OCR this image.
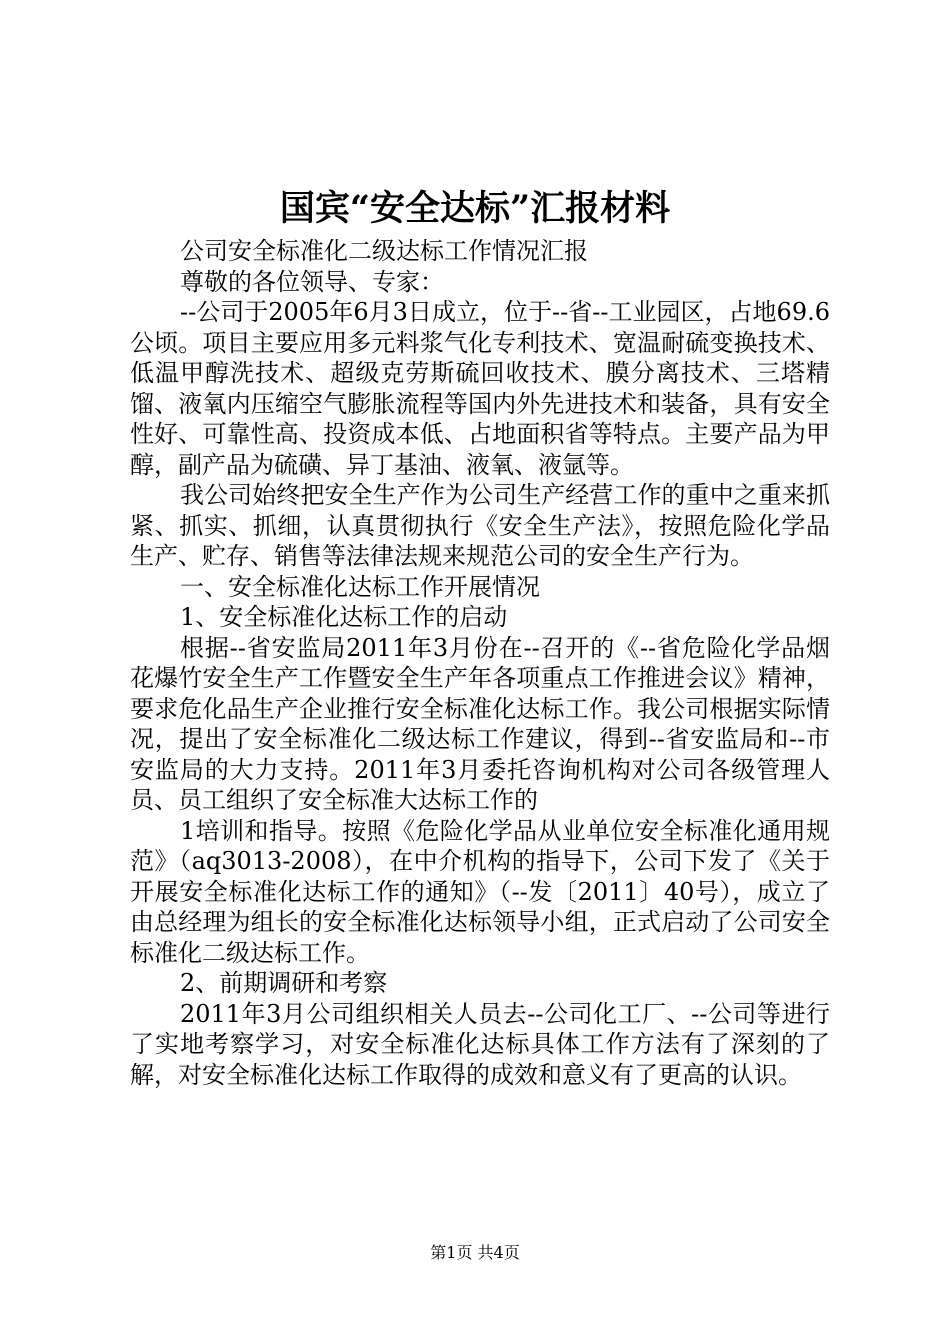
国宾“安全达标”汇报材料

公司安全标准化二级达标工作情况汇报

尊敬的各位领导、专家：

--公司于2005年6月3日成立，位于--省--工业园区，占地69.6公顷。项目主要应用多元料浆气化专利技术、宽温耐硫变换技术、低温甲醇洗技术、超级克劳斯硫回收技术、膜分离技术、三塔精馏、液氧内压缩空气膨胀流程等国内外先进技术和装备，具有安全性好、可靠性高、投资成本低、占地面积省等特点。主要产品为甲醇，副产品为硫磺、异丁基油、液氧、液氩等。

我公司始终把安全生产作为公司生产经营工作的重中之重来抓紧、抓实、抓细，认真贯彻执行《安全生产法》，按照危险化学品生产、贮存、销售等法律法规来规范公司的安全生产行为。

一、安全标准化达标工作开展情况

1、安全标准化达标工作的启动

根据--省安监局2011年3月份在--召开的《--省危险化学品烟花爆竹安全生产工作暨安全生产年各项重点工作推进会议》精神，要求危化品生产企业推行安全标准化达标工作。我公司根据实际情况，提出了安全标准化二级达标工作建议，得到--省安监局和--市安监局的大力支持。2011年3月委托咨询机构对公司各级管理人员、员工组织了安全标准大达标工作的

1培训和指导。按照《危险化学品从业单位安全标准化通用规范》（aq3013-2008），在中介机构的指导下，公司下发了《关于开展安全标准化达标工作的通知》（--发〔2011〕40号），成立了由总经理为组长的安全标准化达标领导小组，正式启动了公司安全标准化二级达标工作。

2、前期调研和考察

2011年3月公司组织相关人员去--公司化工厂、--公司等进行了实地考察学习，对安全标准化达标具体工作方法有了深刻的了解，对安全标准化达标工作取得的成效和意义有了更高的认识。

第1页 共4页
